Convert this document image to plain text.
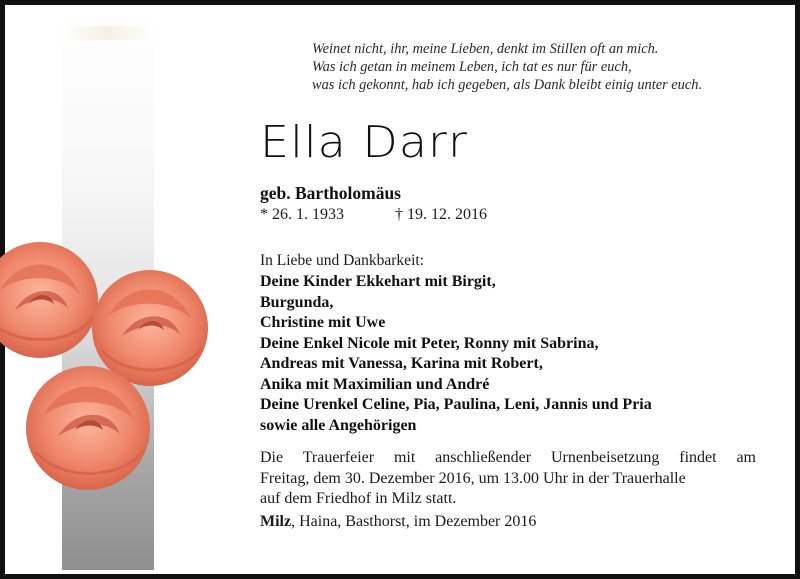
Weinet nicht, ihr, meine Lieben, denkt im Stillen oft an mich.
Was ich getan in meinem Leben, ich tat es nur für euch,
was ich gekonnt, hab ich gegeben, als Dank bleibt einig unter euch.
Ella Darr
geb. Bartholomäus
* 26. 1. 1933	† 19. 12. 2016
In Liebe und Dankbarkeit:
Deine Kinder Ekkehart mit Birgit,
Burgunda,
Christine mit Uwe
Deine Enkel Nicole mit Peter, Ronny mit Sabrina,
Andreas mit Vanessa, Karina mit Robert,
Anika mit Maximilian und André
Deine Urenkel Celine, Pia, Paulina, Leni, Jannis und Pria
sowie alle Angehörigen
Die Trauerfeier mit anschließender Urnenbeisetzung findet am
Freitag, dem 30. Dezember 2016, um 13.00 Uhr in der Trauerhalle
auf dem Friedhof in Milz statt.
Milz, Haina, Basthorst, im Dezember 2016
